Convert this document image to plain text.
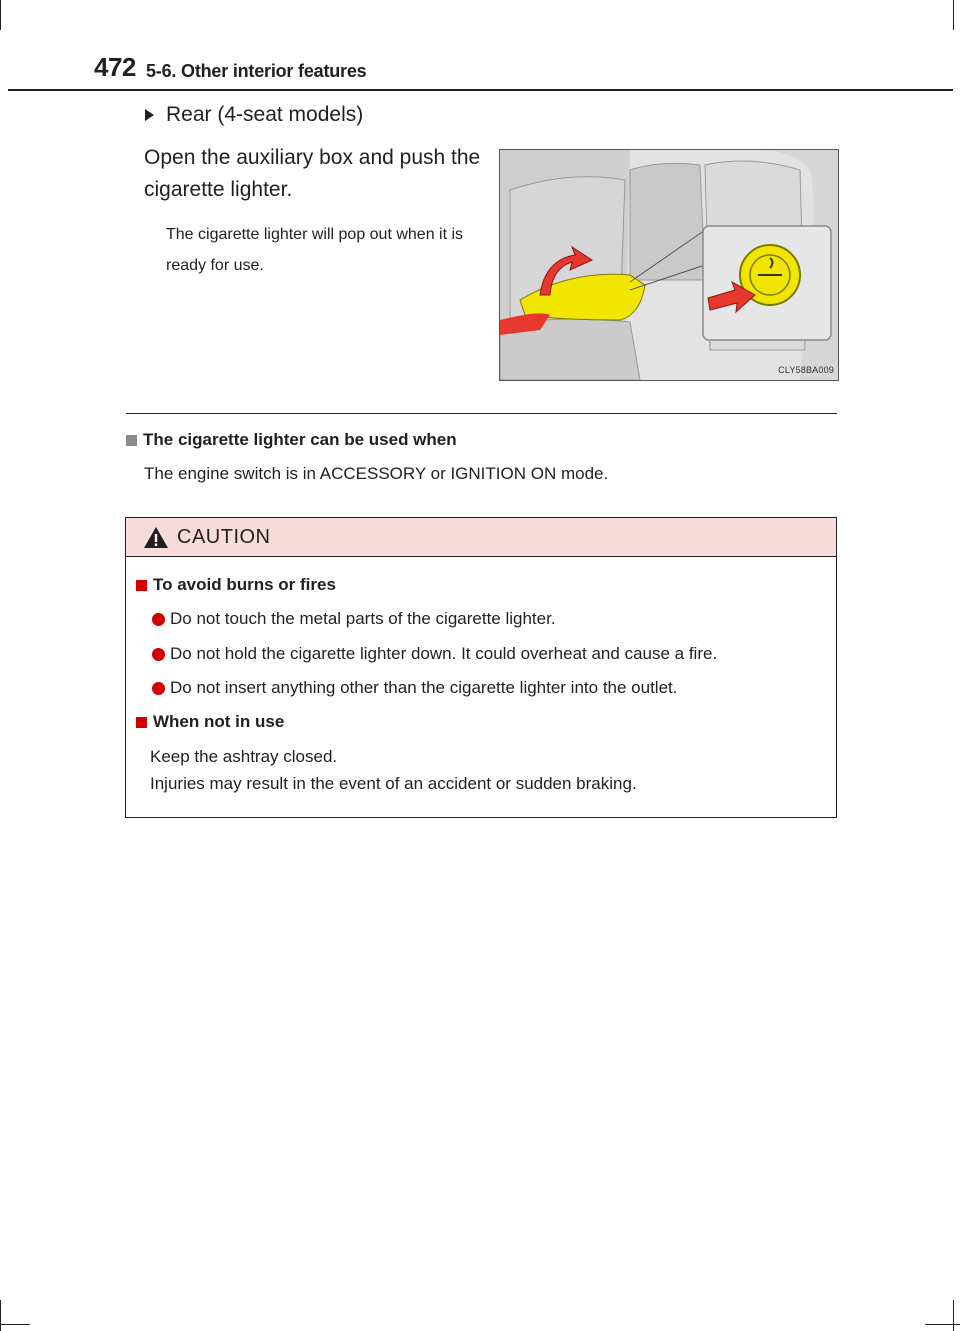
472 5-6. Other interior features
Rear (4-seat models)
Open the auxiliary box and push the cigarette lighter.
The cigarette lighter will pop out when it is ready for use.
CLY58BA009
The cigarette lighter can be used when
The engine switch is in ACCESSORY or IGNITION ON mode.
CAUTION
To avoid burns or fires
Do not touch the metal parts of the cigarette lighter.
Do not hold the cigarette lighter down. It could overheat and cause a fire.
Do not insert anything other than the cigarette lighter into the outlet.
When not in use
Keep the ashtray closed.
Injuries may result in the event of an accident or sudden braking.
